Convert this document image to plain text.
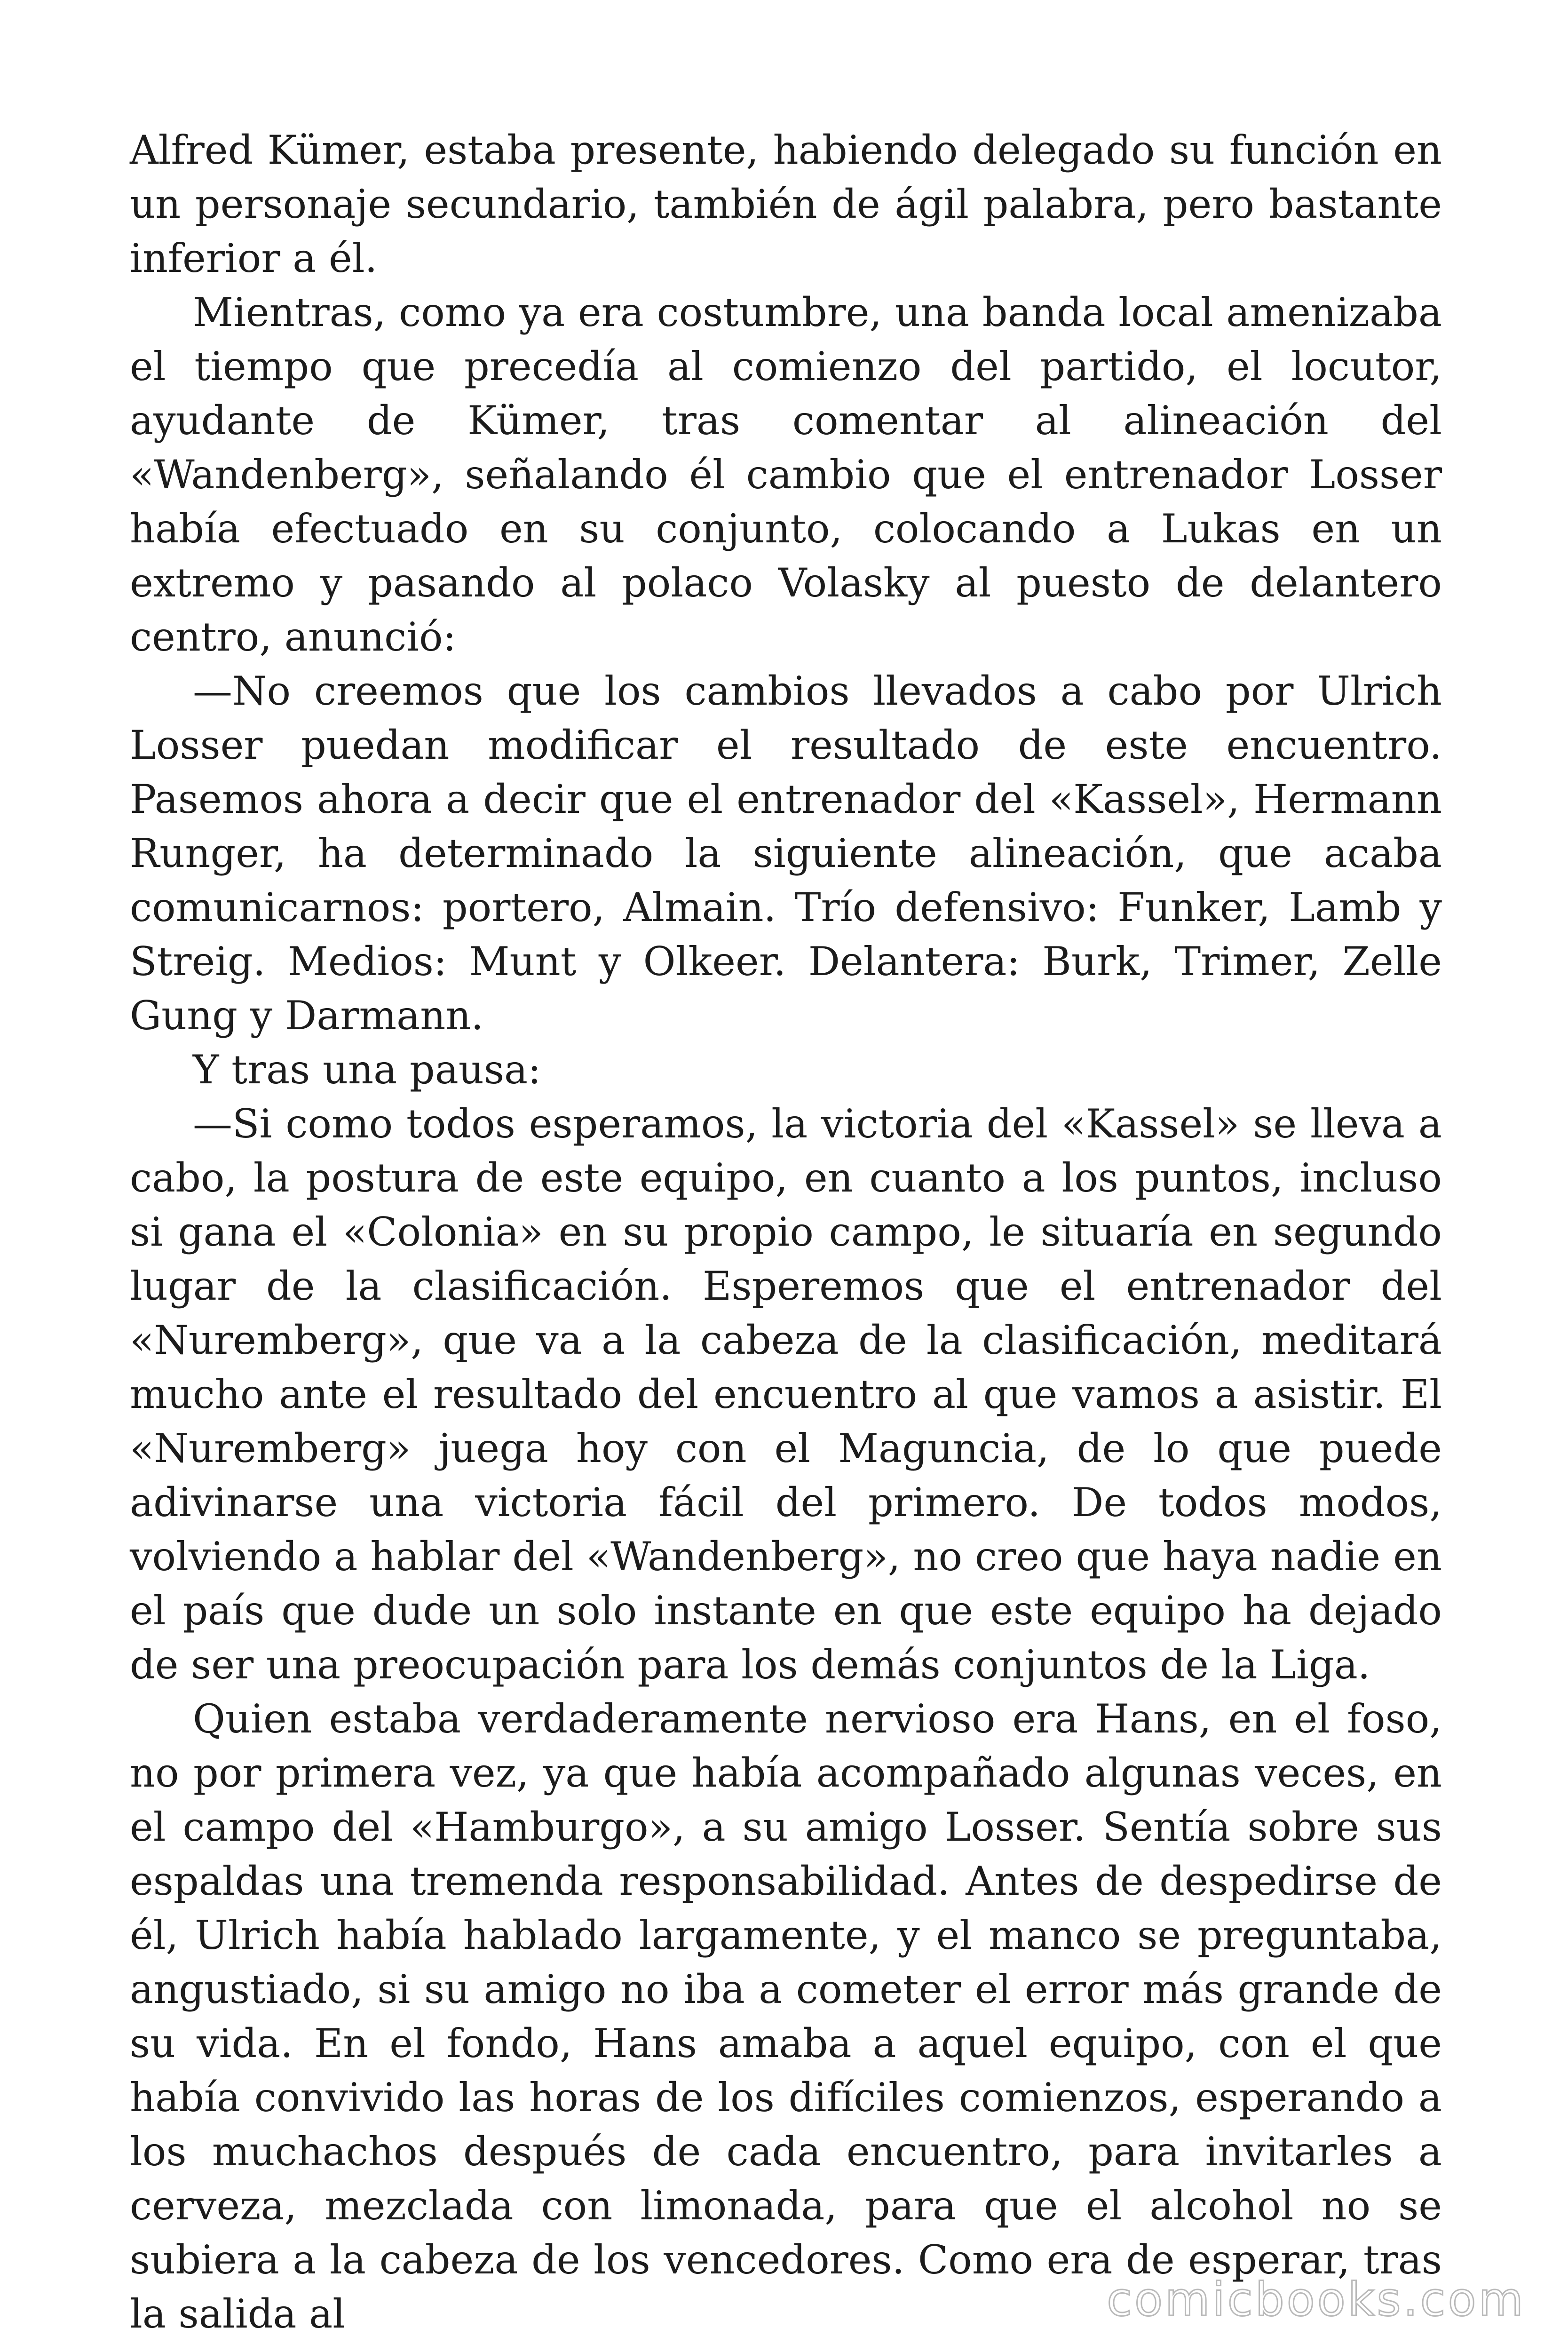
Alfred Kümer, estaba presente, habiendo delegado su función en un personaje secundario, también de ágil palabra, pero bastante inferior a él.

Mientras, como ya era costumbre, una banda local amenizaba el tiempo que precedía al comienzo del partido, el locutor, ayudante de Kümer, tras comentar al alineación del «Wandenberg», señalando él cambio que el entrenador Losser había efectuado en su conjunto, colocando a Lukas en un extremo y pasando al polaco Volasky al puesto de delantero centro, anunció:

—No creemos que los cambios llevados a cabo por Ulrich Losser puedan modificar el resultado de este encuentro. Pasemos ahora a decir que el entrenador del «Kassel», Hermann Runger, ha determinado la siguiente alineación, que acaba comunicarnos: portero, Almain. Trío defensivo: Funker, Lamb y Streig. Medios: Munt y Olkeer. Delantera: Burk, Trimer, Zelle Gung y Darmann.

Y tras una pausa:

—Si como todos esperamos, la victoria del «Kassel» se lleva a cabo, la postura de este equipo, en cuanto a los puntos, incluso si gana el «Colonia» en su propio campo, le situaría en segundo lugar de la clasificación. Esperemos que el entrenador del «Nuremberg», que va a la cabeza de la clasificación, meditará mucho ante el resultado del encuentro al que vamos a asistir. El «Nuremberg» juega hoy con el Maguncia, de lo que puede adivinarse una victoria fácil del primero. De todos modos, volviendo a hablar del «Wandenberg», no creo que haya nadie en el país que dude un solo instante en que este equipo ha dejado de ser una preocupación para los demás conjuntos de la Liga.

Quien estaba verdaderamente nervioso era Hans, en el foso, no por primera vez, ya que había acompañado algunas veces, en el campo del «Hamburgo», a su amigo Losser. Sentía sobre sus espaldas una tremenda responsabilidad. Antes de despedirse de él, Ulrich había hablado largamente, y el manco se preguntaba, angustiado, si su amigo no iba a cometer el error más grande de su vida. En el fondo, Hans amaba a aquel equipo, con el que había convivido las horas de los difíciles comienzos, esperando a los muchachos después de cada encuentro, para invitarles a cerveza, mezclada con limonada, para que el alcohol no se subiera a la cabeza de los vencedores. Como era de esperar, tras la salida al	comicbooks.com
